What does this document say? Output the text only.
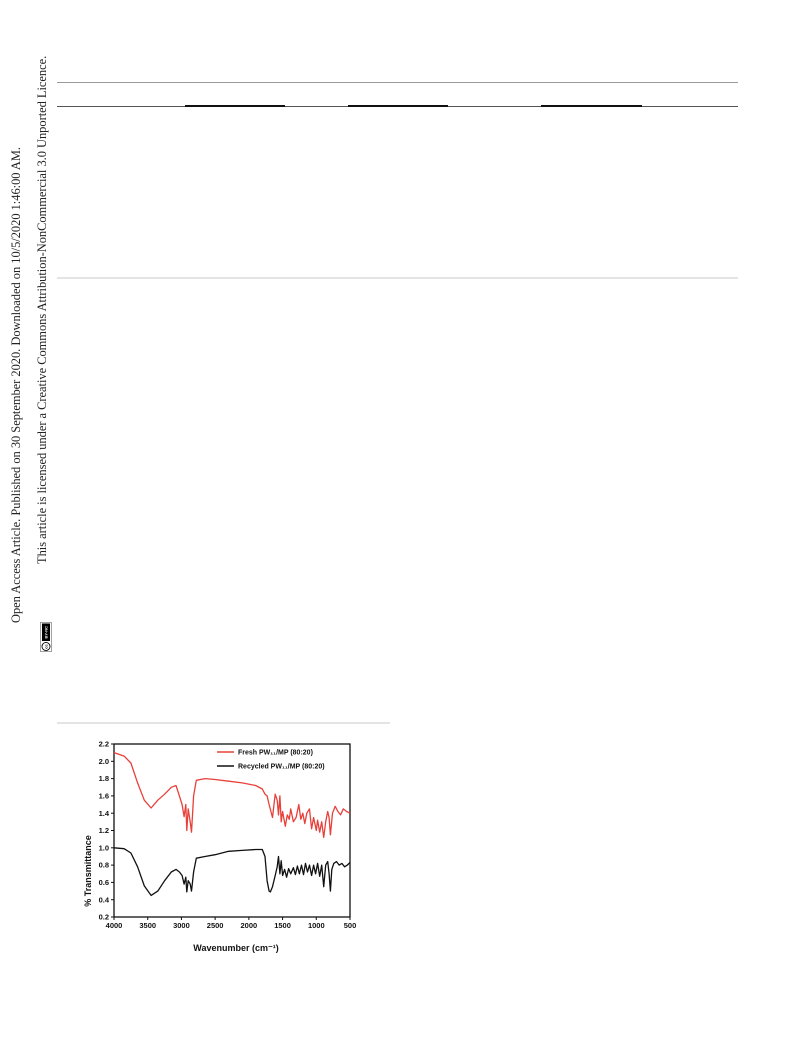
Open Access Article. Published on 30 September 2020. Downloaded on 10/5/2020 1:46:00 AM. This article is licensed under a Creative Commons Attribution-NonCommercial 3.0 Unported Licence.
cc
BY-NC
4000 3500 3000 2500 2000 1500 1000	500
0.2
0.4
0.6
0.8
1.0
1.2
1.4
1.6
1.8
2.0
2.2
Fresh PW₁₁/MP (80:20)
Recycled PW₁₁/MP (80:20)
Wavenumber (cm⁻¹)
% Transmittance
